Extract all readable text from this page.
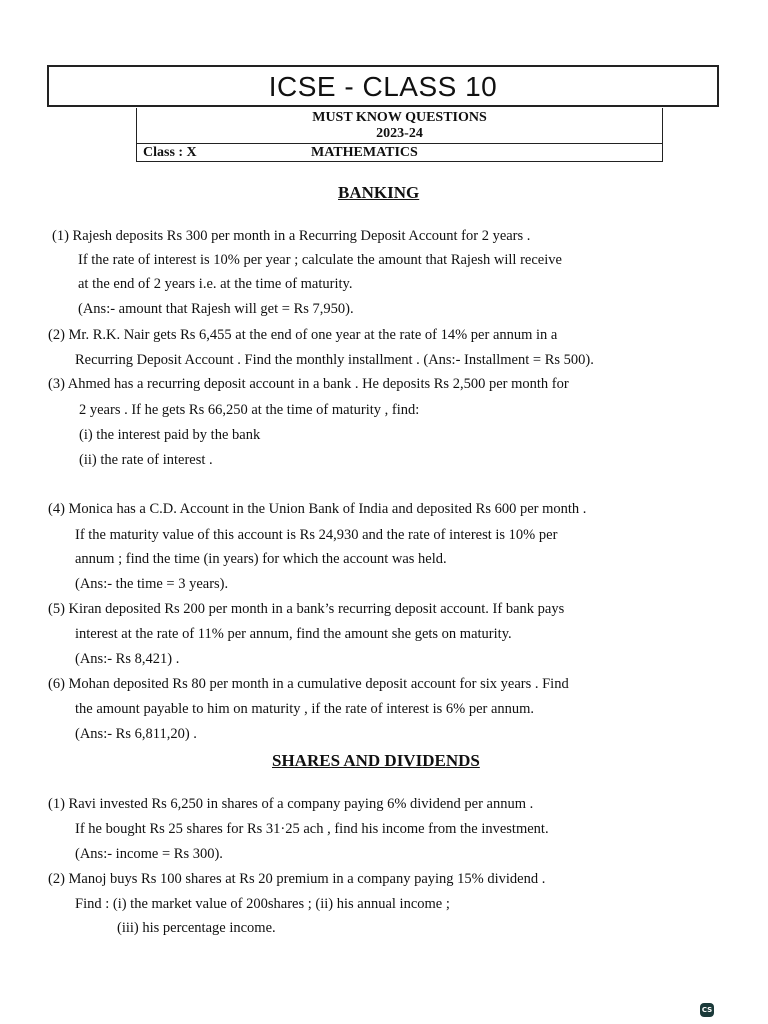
ICSE - CLASS 10
MUST KNOW QUESTIONS
2023-24
Class : X	MATHEMATICS
BANKING
(1) Rajesh deposits Rs 300 per month in a Recurring Deposit Account for 2 years .
If the rate of interest is 10% per year ; calculate the amount that Rajesh will receive
at the end of 2 years i.e. at the time of maturity.
(Ans:- amount that Rajesh will get = Rs 7,950).
(2) Mr. R.K. Nair gets Rs 6,455 at the end of one year at the rate of 14% per annum in a
Recurring Deposit Account . Find the monthly installment . (Ans:- Installment = Rs 500).
(3) Ahmed has a recurring deposit account in a bank . He deposits Rs 2,500 per month for
2 years . If he gets Rs 66,250 at the time of maturity , find:
(i) the interest paid by the bank
(ii) the rate of interest .
(4) Monica has a C.D. Account in the Union Bank of India and deposited Rs 600 per month .
If the maturity value of this account is Rs 24,930 and the rate of interest is 10% per
annum ; find the time (in years) for which the account was held.
(Ans:- the time = 3 years).
(5) Kiran deposited Rs 200 per month in a bank’s recurring deposit account. If bank pays
interest at the rate of 11% per annum, find the amount she gets on maturity.
(Ans:- Rs 8,421) .
(6) Mohan deposited Rs 80 per month in a cumulative deposit account for six years . Find
the amount payable to him on maturity , if the rate of interest is 6% per annum.
(Ans:- Rs 6,811,20) .
SHARES AND DIVIDENDS
(1) Ravi invested Rs 6,250 in shares of a company paying 6% dividend per annum .
If he bought Rs 25 shares for Rs 31·25 ach , find his income from the investment.
(Ans:- income = Rs 300).
(2) Manoj buys Rs 100 shares at Rs 20 premium in a company paying 15% dividend .
Find : (i) the market value of 200shares ; (ii) his annual income ;
(iii) his percentage income.
CS
